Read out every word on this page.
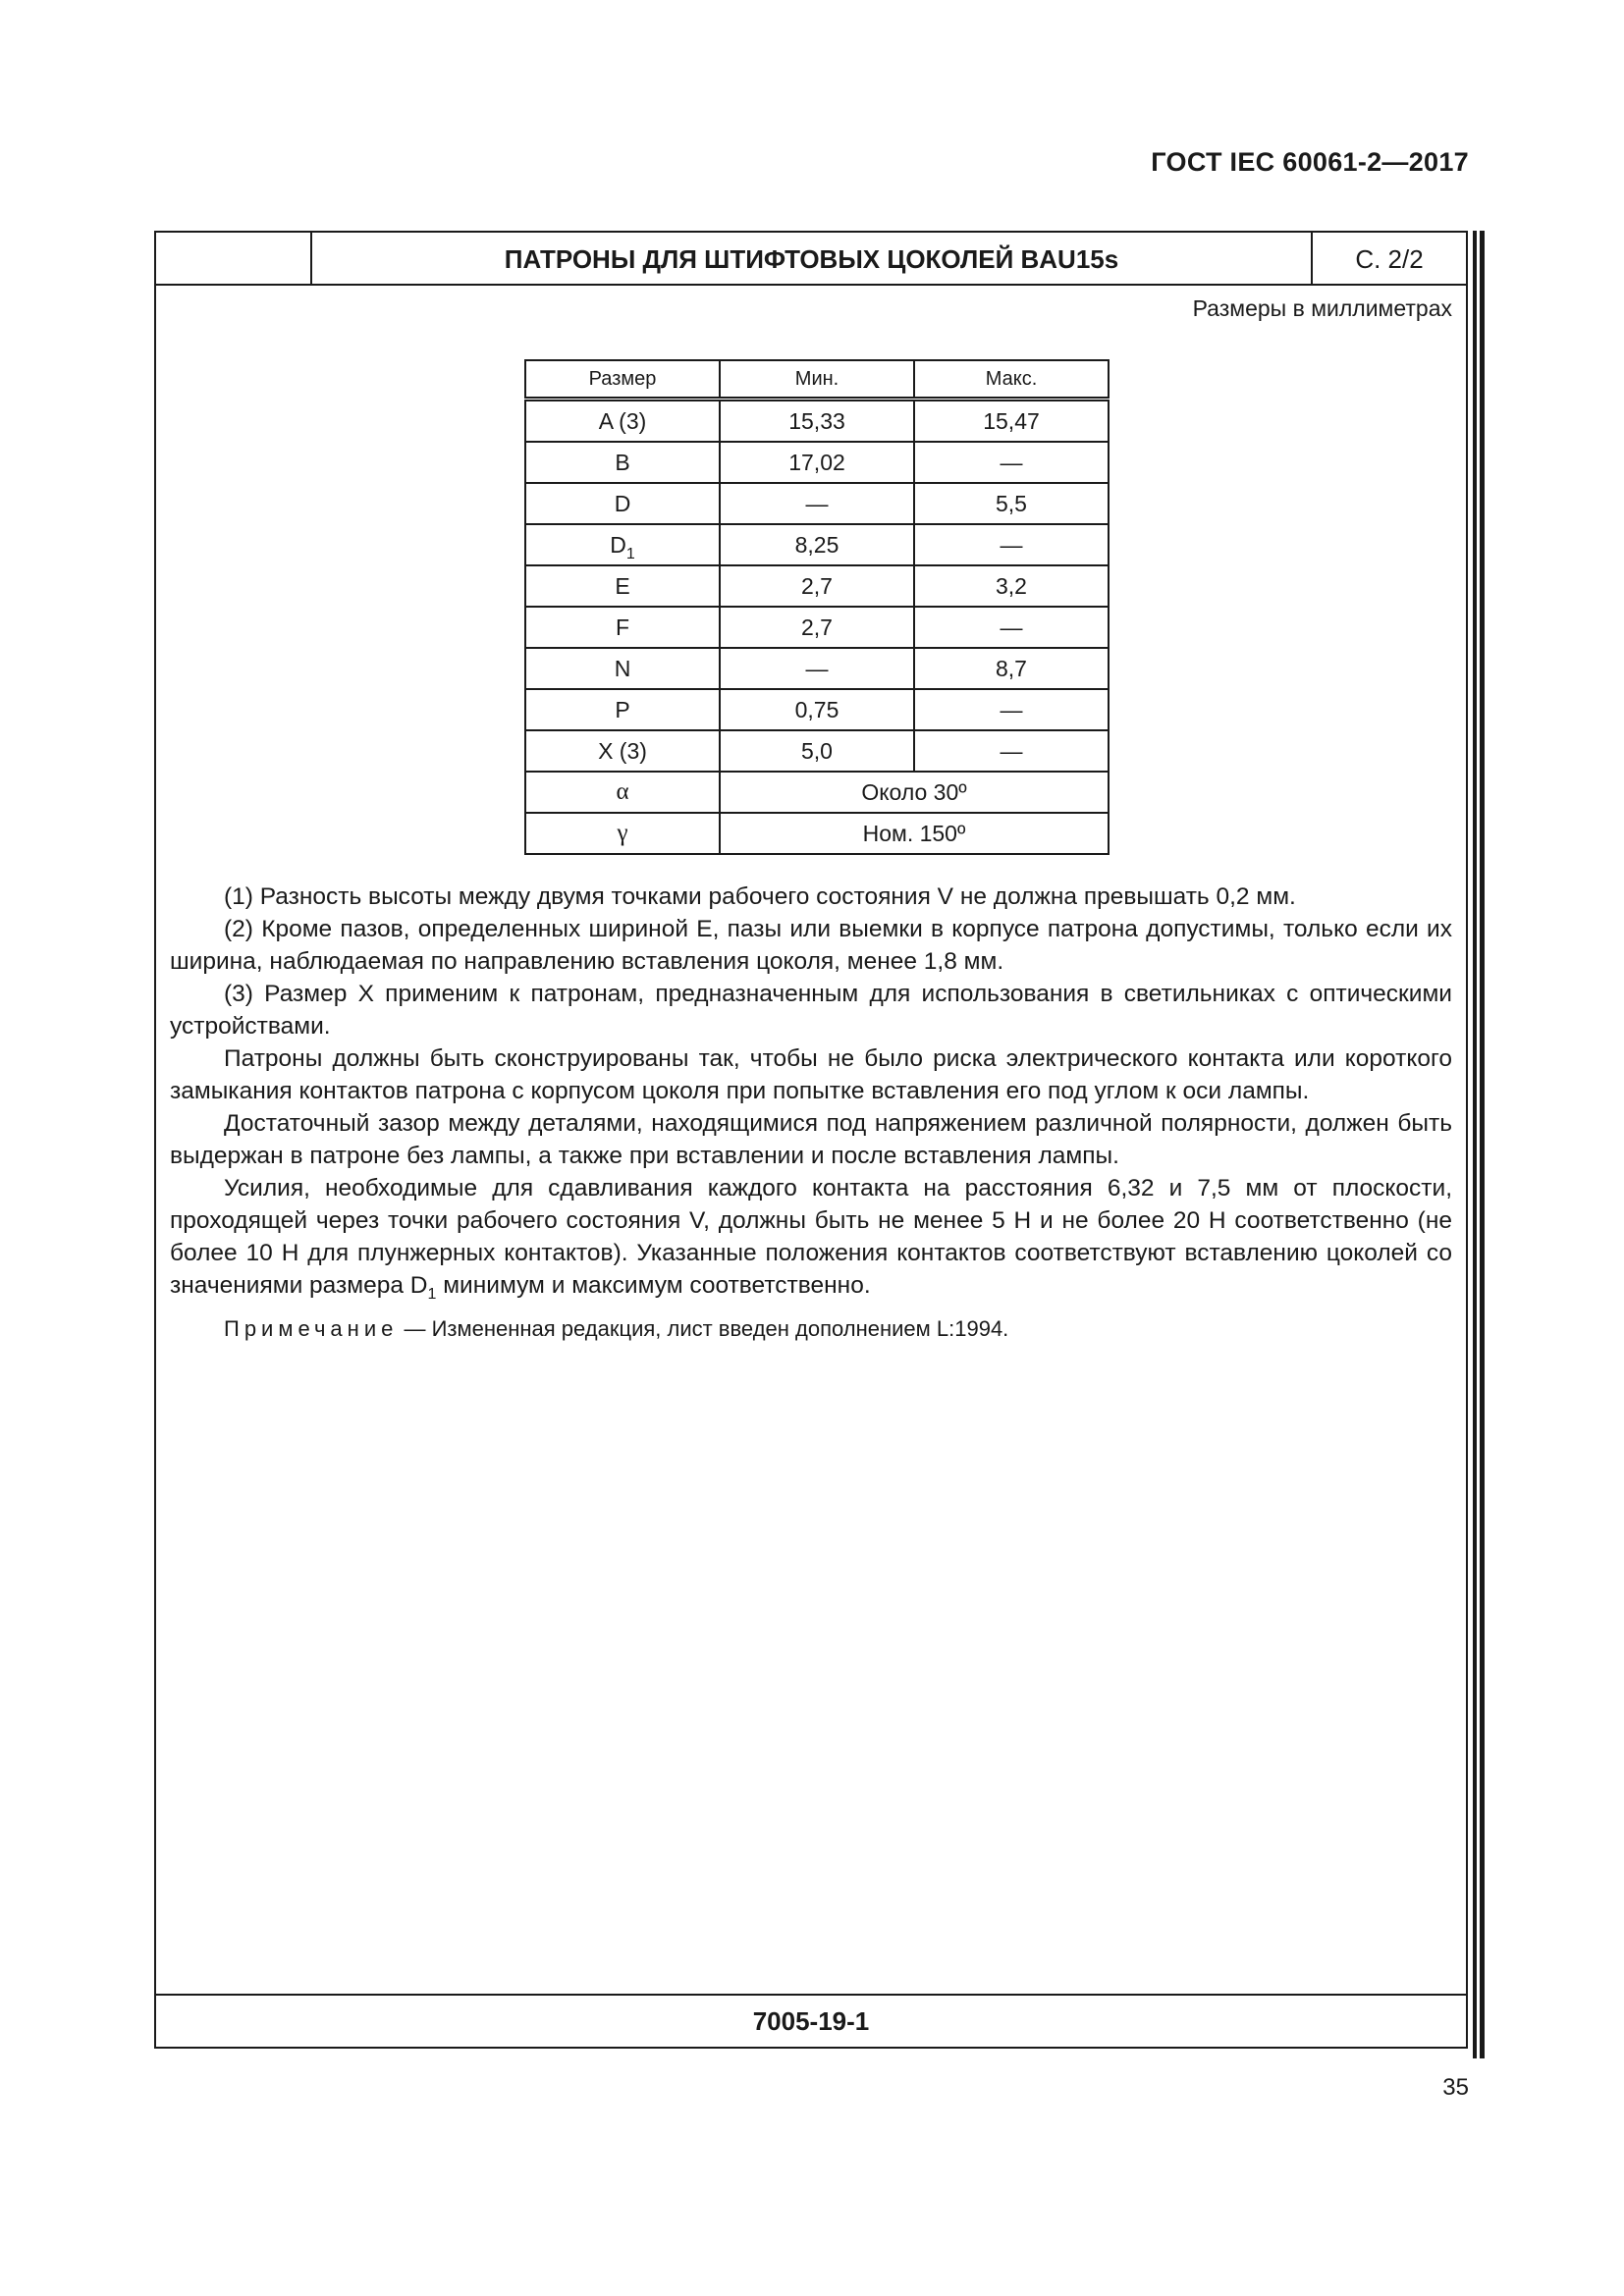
ГОСТ IEC 60061-2—2017
ПАТРОНЫ ДЛЯ ШТИФТОВЫХ ЦОКОЛЕЙ BAU15s	С. 2/2
Размеры в миллиметрах
Размер	Мин.	Макс.
A (3)	15,33	15,47
B	17,02	—
D	—	5,5
$D_1$	8,25	—
E	2,7	3,2
F	2,7	—
N	—	8,7
P	0,75	—
X (3)	5,0	—
α	Около 30º	
γ	Ном. 150º	

(1) Разность высоты между двумя точками рабочего состояния V не должна превышать 0,2 мм.

(2) Кроме пазов, определенных шириной E, пазы или выемки в корпусе патрона допустимы, только если их ширина, наблюдаемая по направлению вставления цоколя, менее 1,8 мм.

(3) Размер X применим к патронам, предназначенным для использования в светильниках с оптическими устройствами.

Патроны должны быть сконструированы так, чтобы не было риска электрического контакта или короткого замыкания контактов патрона с корпусом цоколя при попытке вставления его под углом к оси лампы.

Достаточный зазор между деталями, находящимися под напряжением различной полярности, должен быть выдержан в патроне без лампы, а также при вставлении и после вставления лампы.

Усилия, необходимые для сдавливания каждого контакта на расстояния 6,32 и 7,5 мм от плоскости, проходящей через точки рабочего состояния V, должны быть не менее 5 Н и не более 20 Н соответственно (не более 10 Н для плунжерных контактов). Указанные положения контактов соответствуют вставлению цоколей со значениями размера $D_1$ минимум и максимум соответственно.

Примечание — Измененная редакция, лист введен дополнением L:1994.

7005-19-1
35
